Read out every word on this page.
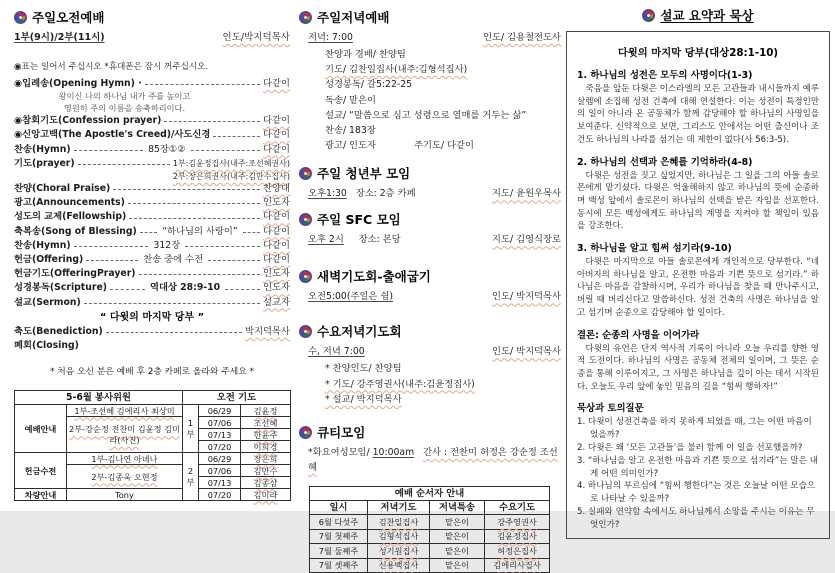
주일오전예배
1부(9시)/2부(11시)	인도/박지덕목사
◉표는 일어서 주십시오 *휴대폰은 잠시 꺼주십시오.
◉입례송(Opening Hymn) ·	다같이
왕이신 나의 하나님 내가 주를 높이고
영원히 주의 이름을 송축하리이다.
◉참회기도(Confession prayer)	다같이
◉신앙고백(The Apostle's Creed)/사도신경	다같이
찬송(Hymn)	85장①②	다같이
기도(prayer)	1부:김윤정집사(내주:조선혜권사)
2부:장은희권사(내주:김만수집사)
찬양(Choral Praise)	찬양대
광고(Announcements)	인도자
성도의 교제(Fellowship)	다같이
축복송(Song of Blessing)	“하나님의 사랑이”	다같이
찬송(Hymn)	312장	다같이
헌금(Offering)	찬송 중에 수전	다같이
헌금기도(OfferingPrayer)	인도자
성경봉독(Scripture)	역대상 28:9-10	인도자
설교(Sermon)	설교자
“ 다윗의 마지막 당부 ”
축도(Benediction)	박지덕목사
폐회(Closing)
* 처음 오신 분은 예배 후 2층 카페로 올라와 주세요 *
5-6월 봉사위원		오전 기도		
예배안내	1부-조선혜 김에리사 최상미	1부	06/29	김윤정
	2부-강순정 전찬미 김윤정 김미라(사진)		07/06	조선혜
			07/13	한윤주
			07/20	이희경
헌금수전	1부-김나연 아녜나	2부	06/29	장은희
	2부-김종욱 오현정		07/06	김만수
			07/13	김종삼
차량안내	Tony		07/20	김미라
주일저녁예배
저녁: 7:00	인도/ 김용철전도사
찬양과 경배/ 찬양팀
기도/ 김찬일집사(내주:김형석집사)
성경봉독/ 갈5:22-25
독송/ 맡은이
설교/ “말씀으로 심고 성령으로 열매를 거두는 삶”
찬송/ 183장
광고/ 인도자	주기도/ 다같이
주일 청년부 모임
오후1:30 장소: 2층 카페	지도/ 윤원우목사
주일 SFC 모임
오후 2시 장소: 본당	지도/ 김영식장로
새벽기도회-출애굽기
오전5:00(주일은 쉼)	인도/ 박지덕목사
수요저녁기도회
수, 저녁 7:00	인도/ 박지덕목사
* 찬양인도/ 찬양팀
* 기도/ 강주영권사(내주:김윤정집사)
* 설교/ 박지덕목사
큐티모임
*화요여성모임/ 10:00am 간사 : 전찬미 허정은 강순정 조선혜
예배 순서자 안내			
일시	저녁기도	저녁특송	수요기도
6월 다섯주	김찬일집사	맡은이	강주영권사
7월 첫째주	김형석집사	맡은이	김윤정집사
7월 둘째주	성기원집사	맡은이	허정은집사
7월 셋째주	신용백집사	맡은이	김에리사집사
설교 요약과 묵상
다윗의 마지막 당부(대상28:1-10)
1. 하나님의 성전은 모두의 사명이다(1-3)
죽음을 앞둔 다윗은 이스라엘의 모든 고관들과 내시들까지 예루살렘에 소집해 성전 건축에 대해 연설한다. 이는 성전이 특정인만의 일이 아니라 온 공동체가 함께 감당해야 할 하나님의 사명임을 보여준다. 신약적으로 보면, 그리스도 안에서는 어떤 출신이나 조건도 하나님의 나라를 섬기는 데 제한이 없다(사 56:3-5).
2. 하나님의 선택과 은혜를 기억하라(4-8)
다윗은 성전을 짓고 싶었지만, 하나님은 그 일을 그의 아들 솔로몬에게 맡기셨다. 다윗은 억울해하지 않고 하나님의 뜻에 순종하며 백성 앞에서 솔로몬이 하나님의 선택을 받은 자임을 선포한다. 동시에 모든 백성에게도 하나님의 계명을 지켜야 할 책임이 있음을 강조한다.
3. 하나님을 알고 힘써 섬기라(9-10)
다윗은 마지막으로 아들 솔로몬에게 개인적으로 당부한다. “네 아버지의 하나님을 알고, 온전한 마음과 기쁜 뜻으로 섬기라.” 하나님은 마음을 감찰하시며, 우리가 하나님을 찾을 때 만나주시고, 버릴 때 버리신다고 말씀하신다. 성전 건축의 사명은 하나님을 알고 섬기며 순종으로 감당해야 할 일이다.
결론: 순종의 사명을 이어가라
다윗의 유언은 단지 역사적 기록이 아니라 오늘 우리를 향한 영적 도전이다. 하나님의 사명은 공동체 전체의 일이며, 그 뜻은 순종을 통해 이루어지고, 그 사명은 하나님을 깊이 아는 데서 시작된다. 오늘도 우리 앞에 놓인 믿음의 길을 “힘써 행하자!”
묵상과 토의질문
1. 다윗이 성전건축을 하지 못하게 되었을 때, 그는 어떤 마음이었을까?
2. 다윗은 왜 ‘모든 고관들’을 불러 함께 이 일을 선포했을까?
3. “하나님을 알고 온전한 마음과 기쁜 뜻으로 섬기라”는 말은 내게 어떤 의미인가?
4. 하나님의 부르심에 “힘써 행한다”는 것은 오늘날 어떤 모습으로 나타날 수 있을까?
5. 실패와 연약함 속에서도 하나님께서 소망을 주시는 이유는 무엇인가?
